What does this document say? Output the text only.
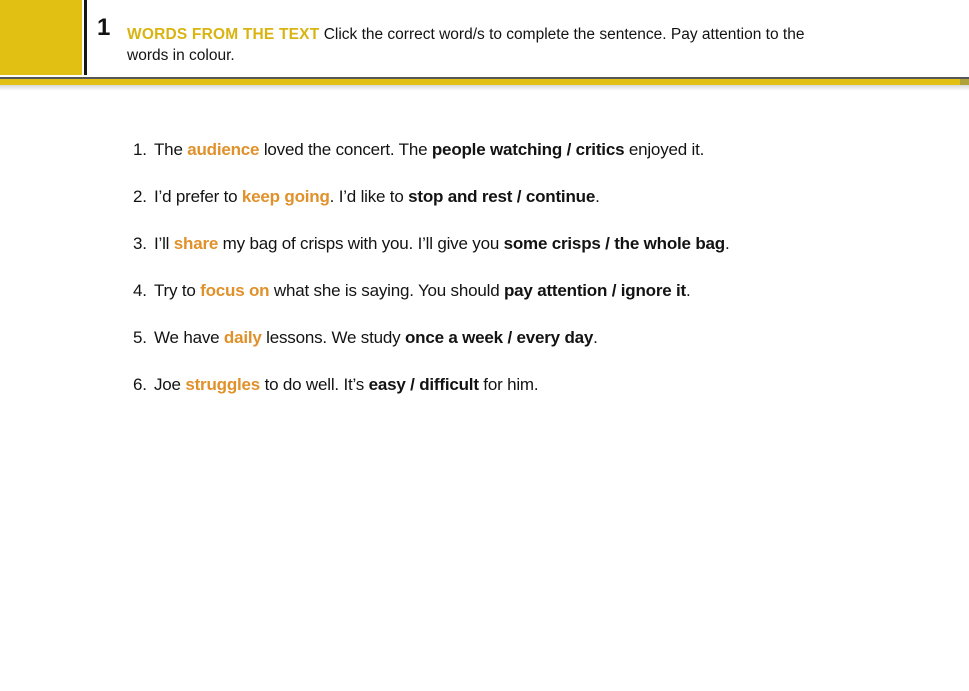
1 WORDS FROM THE TEXT Click the correct word/s to complete the sentence. Pay attention to the
words in colour.

1. The audience loved the concert. The people watching / critics enjoyed it.
2. I’d prefer to keep going. I’d like to stop and rest / continue.
3. I’ll share my bag of crisps with you. I’ll give you some crisps / the whole bag.
4. Try to focus on what she is saying. You should pay attention / ignore it.
5. We have daily lessons. We study once a week / every day.
6. Joe struggles to do well. It’s easy / difficult for him.
